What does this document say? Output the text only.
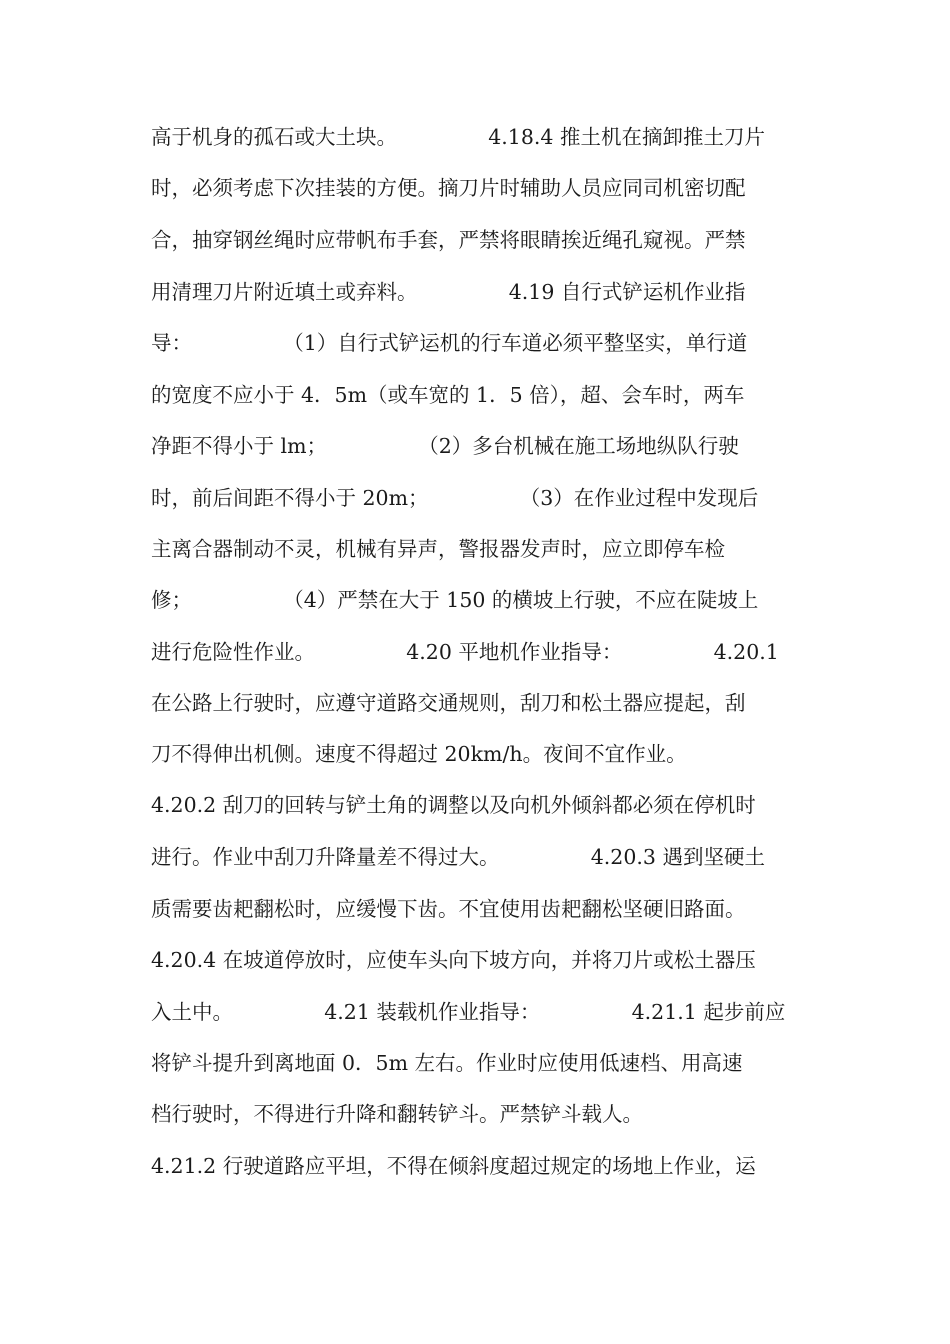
高于机身的孤石或大土块。              4.18.4 推土机在摘卸推土刀片
时，必须考虑下次挂装的方便。摘刀片时辅助人员应同司机密切配
合，抽穿钢丝绳时应带帆布手套，严禁将眼睛挨近绳孔窥视。严禁
用清理刀片附近填土或弃料。              4.19 自行式铲运机作业指
导：              （1）自行式铲运机的行车道必须平整坚实，单行道
的宽度不应小于 4．5m（或车宽的 1．5 倍），超、会车时，两车
净距不得小于 lm；              （2）多台机械在施工场地纵队行驶
时，前后间距不得小于 20m；              （3）在作业过程中发现后
主离合器制动不灵，机械有异声，警报器发声时，应立即停车检
修；              （4）严禁在大于 150 的横坡上行驶，不应在陡坡上
进行危险性作业。              4.20 平地机作业指导：              4.20.1
在公路上行驶时，应遵守道路交通规则，刮刀和松土器应提起，刮
刀不得伸出机侧。速度不得超过 20km/h。夜间不宜作业。
4.20.2 刮刀的回转与铲土角的调整以及向机外倾斜都必须在停机时
进行。作业中刮刀升降量差不得过大。              4.20.3 遇到坚硬土
质需要齿耙翻松时，应缓慢下齿。不宜使用齿耙翻松坚硬旧路面。
4.20.4 在坡道停放时，应使车头向下坡方向，并将刀片或松土器压
入土中。              4.21 装载机作业指导：              4.21.1 起步前应
将铲斗提升到离地面 0．5m 左右。作业时应使用低速档、用高速
档行驶时，不得进行升降和翻转铲斗。严禁铲斗载人。
4.21.2 行驶道路应平坦，不得在倾斜度超过规定的场地上作业，运
